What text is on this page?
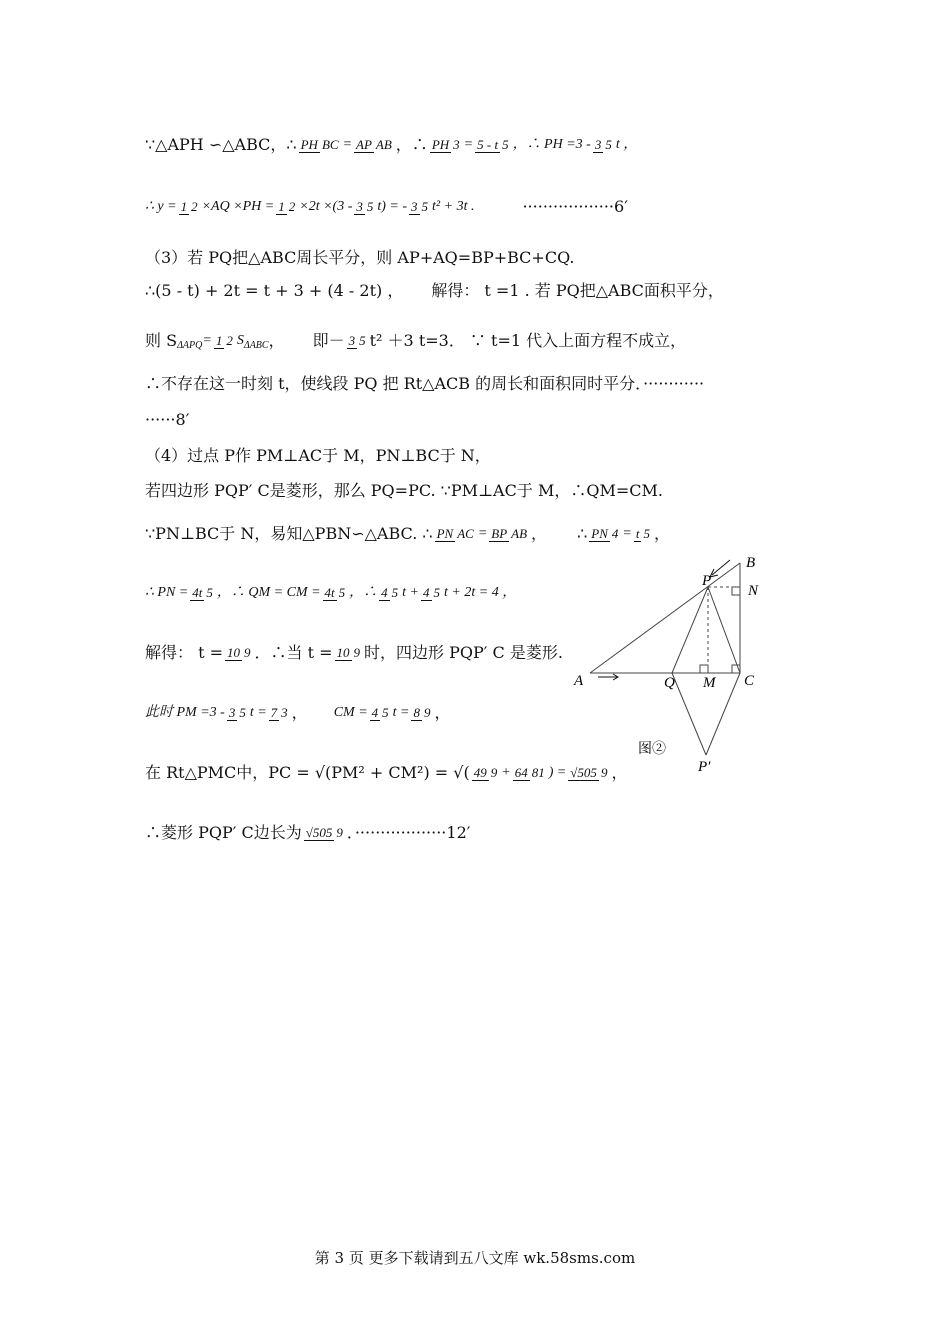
∵△APH ∽△ABC，∴ PH BC = AP AB ，∴ PH 3 = 5 - t 5 ，∴ PH =3 - 3 5 t ，
∴ y = 1 2 ×AQ ×PH = 1 2 ×2t ×(3 - 3 5 t) = - 3 5 t² + 3t .	··················6′
（3）若 PQ把△ABC周长平分，则 AP+AQ=BP+BC+CQ.
∴(5 - t) + 2t = t + 3 + (4 - 2t) ， 解得： t =1 . 若 PQ把△ABC面积平分，
则 S ΔAPQ = 1 2 S ΔABC ， 即－ 3 5 t² ＋3 t=3． ∵ t=1 代入上面方程不成立，
∴不存在这一时刻 t，使线段 PQ 把 Rt△ACB 的周长和面积同时平分．············
······8′
（4）过点 P作 PM⊥AC于 M，PN⊥BC于 N，
若四边形 PQP′ C是菱形，那么 PQ=PC. ∵PM⊥AC于 M，∴QM=CM.
∵PN⊥BC于 N，易知△PBN∽△ABC. ∴ PN AC = BP AB ， ∴ PN 4 = t 5 ，
∴ PN = 4t 5 ，∴ QM = CM = 4t 5 ，∴ 4 5 t + 4 5 t + 2t = 4 ，
解得： t = 10 9 ．∴当 t = 10 9 时，四边形 PQP′ C 是菱形.
此时 PM =3 - 3 5 t = 7 3 ， CM = 4 5 t = 8 9 ，
在 Rt△PMC中，PC = √(PM² + CM²) = √( 49 9 + 64 81 ) = √505 9 ，
∴菱形 PQP′ C边长为 √505 9 ．··················12′
B
P
N
A	Q M C
P′
图②
第 3 页 更多下载请到五八文库 wk.58sms.com
